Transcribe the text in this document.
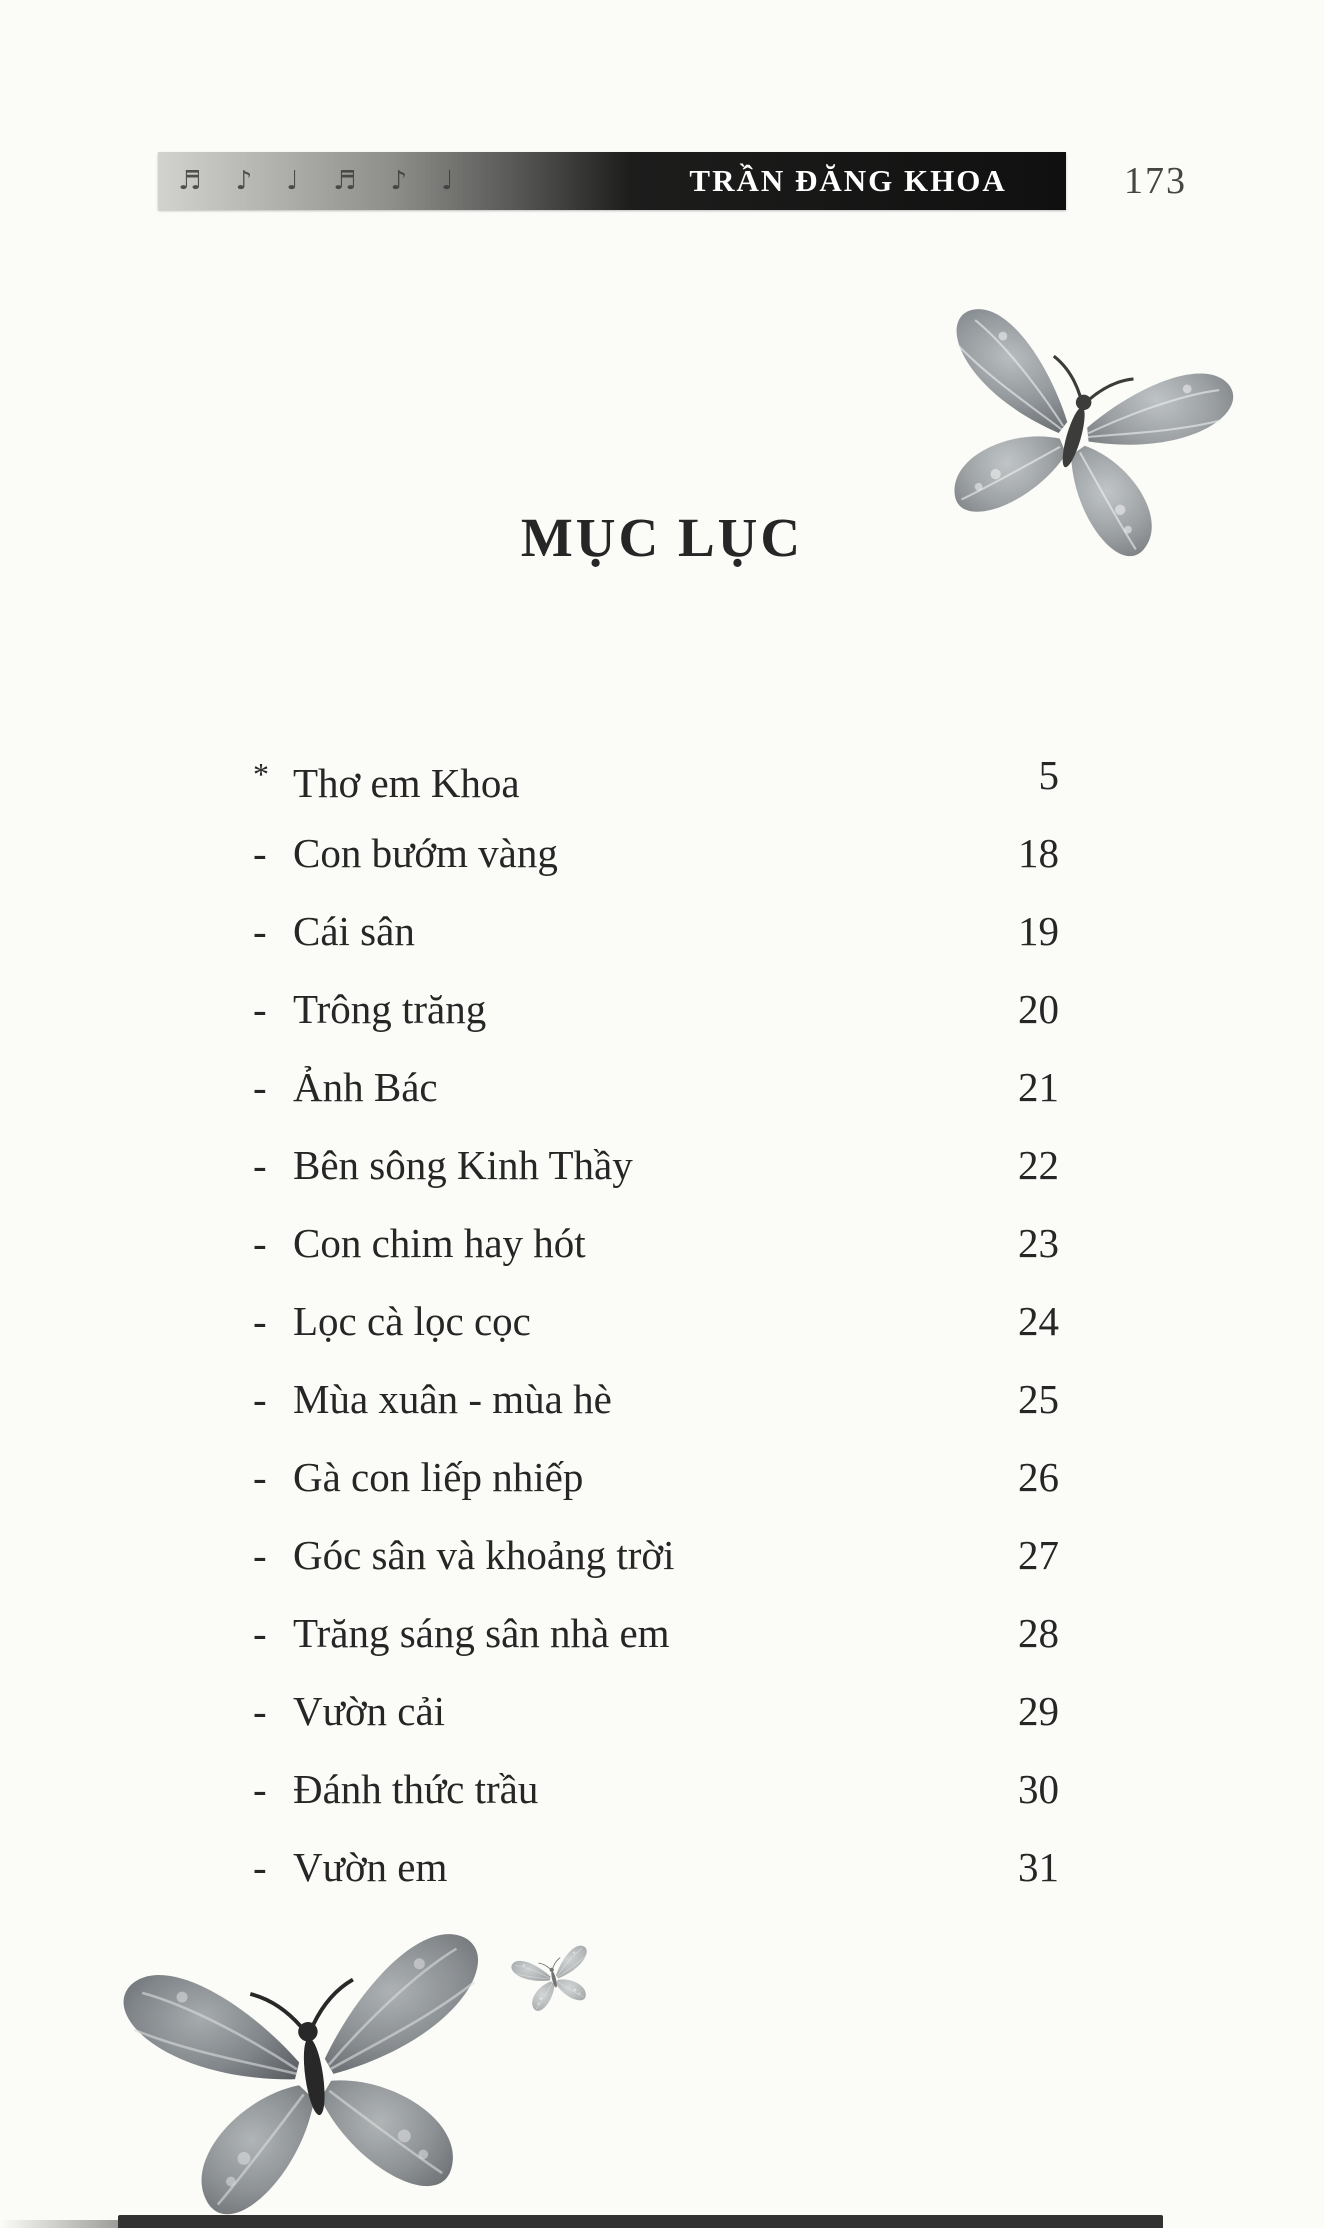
♬ ♪ ♩ ♬ ♪ ♩	TRẦN ĐĂNG KHOA	173
MỤC LỤC
* Thơ em Khoa	5
- Con bướm vàng	18
- Cái sân	19
- Trông trăng	20
- Ảnh Bác	21
- Bên sông Kinh Thầy	22
- Con chim hay hót	23
- Lọc cà lọc cọc	24
- Mùa xuân - mùa hè	25
- Gà con liếp nhiếp	26
- Góc sân và khoảng trời	27
- Trăng sáng sân nhà em	28
- Vườn cải	29
- Đánh thức trầu	30
- Vườn em	31
